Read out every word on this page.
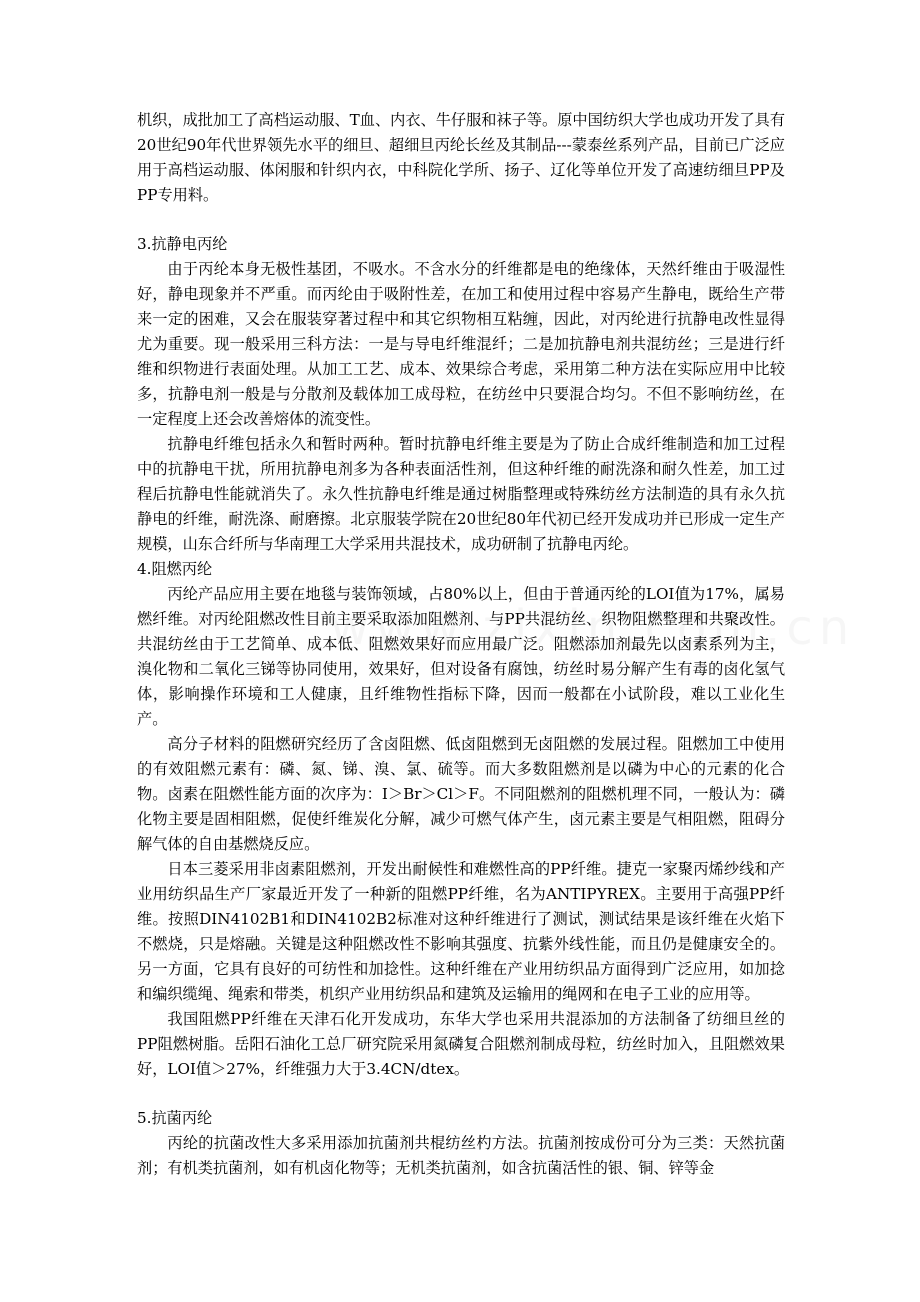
机织，成批加工了高档运动服、T血、内衣、牛仔服和袜子等。原中国纺织大学也成功开发了具有20世纪90年代世界领先水平的细旦、超细旦丙纶长丝及其制品---蒙泰丝系列产品，目前已广泛应用于高档运动服、体闲服和针织内衣，中科院化学所、扬子、辽化等单位开发了高速纺细旦PP及PP专用料。

3.抗静电丙纶

由于丙纶本身无极性基团，不吸水。不含水分的纤维都是电的绝缘体，天然纤维由于吸湿性好，静电现象并不严重。而丙纶由于吸附性差，在加工和使用过程中容易产生静电，既给生产带来一定的困难，又会在服装穿著过程中和其它织物相互粘缠，因此，对丙纶进行抗静电改性显得尤为重要。现一般采用三科方法：一是与导电纤维混纤；二是加抗静电剂共混纺丝；三是进行纤维和织物进行表面处理。从加工工艺、成本、效果综合考虑，采用第二种方法在实际应用中比较多，抗静电剂一般是与分散剂及载体加工成母粒，在纺丝中只要混合均匀。不但不影响纺丝，在一定程度上还会改善熔体的流变性。

抗静电纤维包括永久和暂时两种。暂时抗静电纤维主要是为了防止合成纤维制造和加工过程中的抗静电干扰，所用抗静电剂多为各种表面活性剂，但这种纤维的耐洗涤和耐久性差，加工过程后抗静电性能就消失了。永久性抗静电纤维是通过树脂整理或特殊纺丝方法制造的具有永久抗静电的纤维，耐洗涤、耐磨擦。北京服装学院在20世纪80年代初已经开发成功并已形成一定生产规模，山东合纤所与华南理工大学采用共混技术，成功研制了抗静电丙纶。

4.阻燃丙纶

丙纶产品应用主要在地毯与装饰领域，占80%以上，但由于普通丙纶的LOI值为17%，属易燃纤维。对丙纶阻燃改性目前主要采取添加阻燃剂、与PP共混纺丝、织物阻燃整理和共聚改性。共混纺丝由于工艺简单、成本低、阻燃效果好而应用最广泛。阻燃添加剂最先以卤素系列为主，溴化物和二氧化三锑等协同使用，效果好，但对设备有腐蚀，纺丝时易分解产生有毒的卤化氢气体，影响操作环境和工人健康，且纤维物性指标下降，因而一般都在小试阶段，难以工业化生产。

高分子材料的阻燃研究经历了含卤阻燃、低卤阻燃到无卤阻燃的发展过程。阻燃加工中使用的有效阻燃元素有：磷、氮、锑、溴、氯、硫等。而大多数阻燃剂是以磷为中心的元素的化合物。卤素在阻燃性能方面的次序为：I＞Br＞Cl＞F。不同阻燃剂的阻燃机理不同，一般认为：磷化物主要是固相阻燃，促使纤维炭化分解，减少可燃气体产生，卤元素主要是气相阻燃，阻碍分解气体的自由基燃烧反应。

日本三菱采用非卤素阻燃剂，开发出耐候性和难燃性高的PP纤维。捷克一家聚丙烯纱线和产业用纺织品生产厂家最近开发了一种新的阻燃PP纤维，名为ANTIPYREX。主要用于高强PP纤维。按照DIN4102B1和DIN4102B2标准对这种纤维进行了测试，测试结果是该纤维在火焰下不燃烧，只是熔融。关键是这种阻燃改性不影响其强度、抗紫外线性能，而且仍是健康安全的。另一方面，它具有良好的可纺性和加捻性。这种纤维在产业用纺织品方面得到广泛应用，如加捻和编织缆绳、绳索和带类，机织产业用纺织品和建筑及运输用的绳网和在电子工业的应用等。

我国阻燃PP纤维在天津石化开发成功，东华大学也采用共混添加的方法制备了纺细旦丝的PP阻燃树脂。岳阳石油化工总厂研究院采用氮磷复合阻燃剂制成母粒，纺丝时加入，且阻燃效果好，LOI值＞27%，纤维强力大于3.4CN/dtex。

5.抗菌丙纶

丙纶的抗菌改性大多采用添加抗菌剂共棍纺丝杓方法。抗菌剂按成份可分为三类：天然抗菌剂；有机类抗菌剂，如有机卤化物等；无机类抗菌剂，如含抗菌活性的银、铜、锌等金
